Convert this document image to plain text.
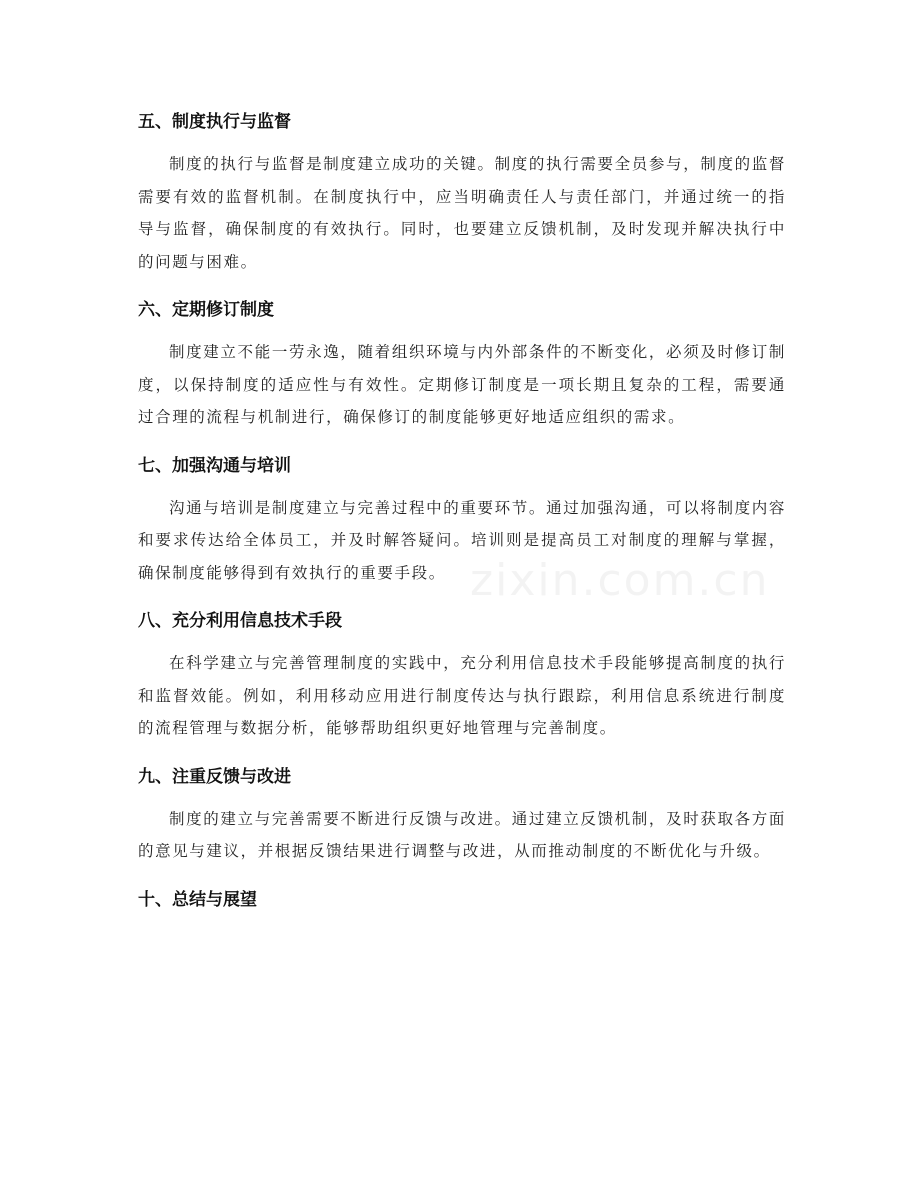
五、制度执行与监督

制度的执行与监督是制度建立成功的关键。制度的执行需要全员参与，制度的监督需要有效的监督机制。在制度执行中，应当明确责任人与责任部门，并通过统一的指导与监督，确保制度的有效执行。同时，也要建立反馈机制，及时发现并解决执行中的问题与困难。

六、定期修订制度

制度建立不能一劳永逸，随着组织环境与内外部条件的不断变化，必须及时修订制度，以保持制度的适应性与有效性。定期修订制度是一项长期且复杂的工程，需要通过合理的流程与机制进行，确保修订的制度能够更好地适应组织的需求。

七、加强沟通与培训

沟通与培训是制度建立与完善过程中的重要环节。通过加强沟通，可以将制度内容和要求传达给全体员工，并及时解答疑问。培训则是提高员工对制度的理解与掌握，确保制度能够得到有效执行的重要手段。

八、充分利用信息技术手段

在科学建立与完善管理制度的实践中，充分利用信息技术手段能够提高制度的执行和监督效能。例如，利用移动应用进行制度传达与执行跟踪，利用信息系统进行制度的流程管理与数据分析，能够帮助组织更好地管理与完善制度。

九、注重反馈与改进

制度的建立与完善需要不断进行反馈与改进。通过建立反馈机制，及时获取各方面的意见与建议，并根据反馈结果进行调整与改进，从而推动制度的不断优化与升级。

十、总结与展望
zixin.com.cn
